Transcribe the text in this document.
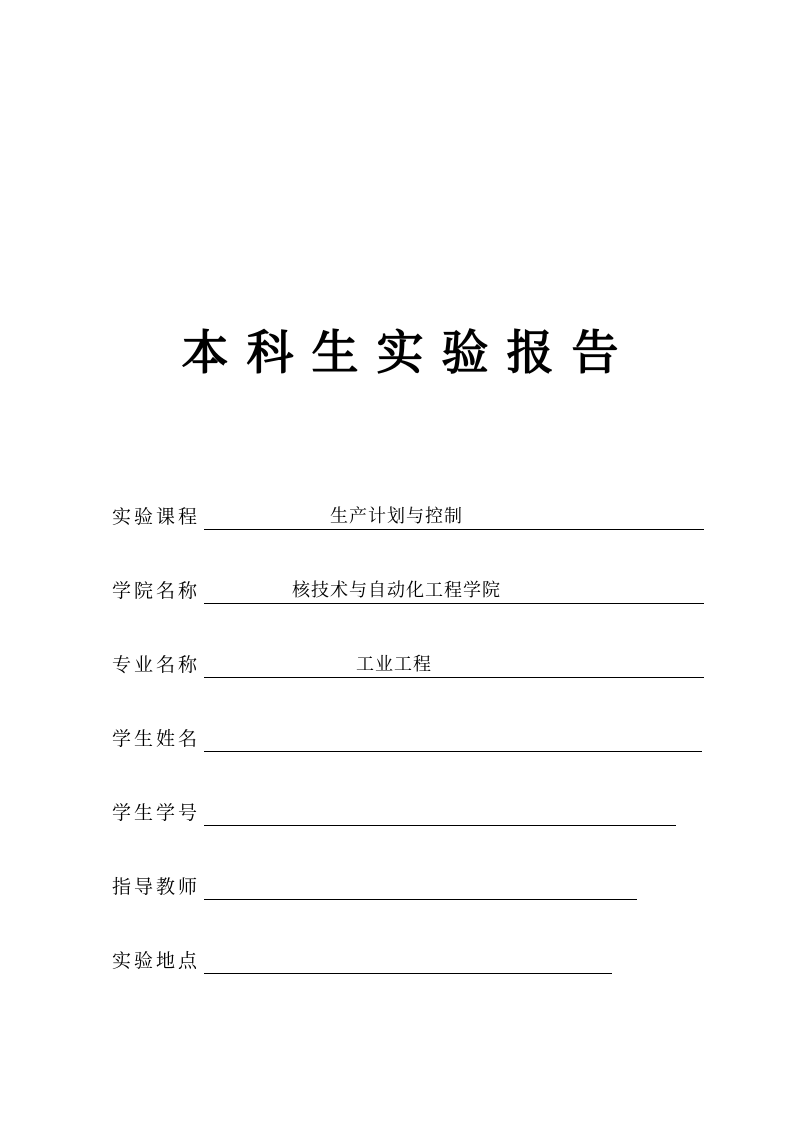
本科生实验报告
实验课程	生产计划与控制
学院名称	核技术与自动化工程学院
专业名称	工业工程
学生姓名
学生学号
指导教师
实验地点
